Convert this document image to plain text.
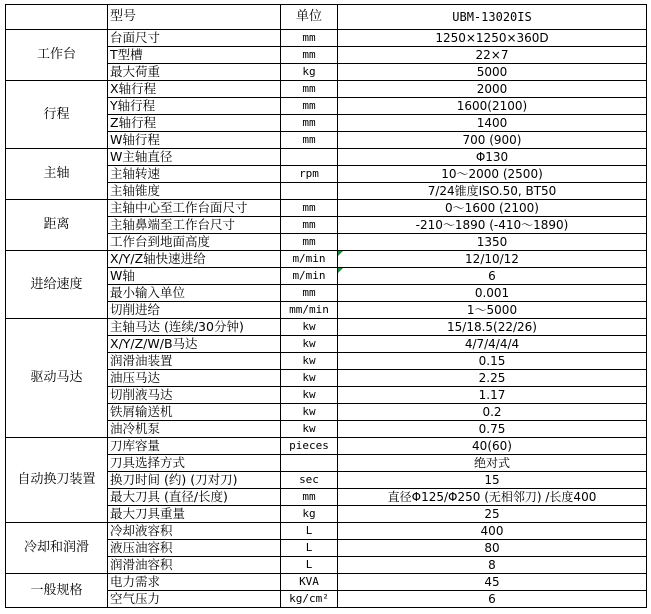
	型号	单位	UBM-13020IS
工作台	台面尺寸	mm	1250×1250×360D
	T型槽	mm	22×7
	最大荷重	kg	5000
行程	X轴行程	mm	2000
	Y轴行程	mm	1600(2100)
	Z轴行程	mm	1400
	W轴行程	mm	700 (900)
主轴	W主轴直径		Φ130
	主轴转速	rpm	10～2000 (2500)
	主轴锥度		7/24锥度ISO.50, BT50
距离	主轴中心至工作台面尺寸	mm	0～1600 (2100)
	主轴鼻端至工作台尺寸	mm	-210～1890 (-410～1890)
	工作台到地面高度	mm	1350
进给速度	X/Y/Z轴快速进给	m/min	12/10/12
	W轴	m/min	6
	最小输入单位	mm	0.001
	切削进给	mm/min	1～5000
驱动马达	主轴马达 (连续/30分钟)	kw	15/18.5(22/26)
	X/Y/Z/W/B马达	kw	4/7/4/4/4
	润滑油装置	kw	0.15
	油压马达	kw	2.25
	切削液马达	kw	1.17
	铁屑输送机	kw	0.2
	油冷机泵	kw	0.75
自动换刀装置	刀库容量	pieces	40(60)
	刀具选择方式		绝对式
	换刀时间 (约) (刀对刀)	sec	15
	最大刀具 (直径/长度)	mm	直径Φ125/Φ250 (无相邻刀) /长度400
	最大刀具重量	kg	25
冷却和润滑	冷却液容积	L	400
	液压油容积	L	80
	润滑油容积	L	8
一般规格	电力需求	KVA	45
	空气压力	kg/cm²	6
